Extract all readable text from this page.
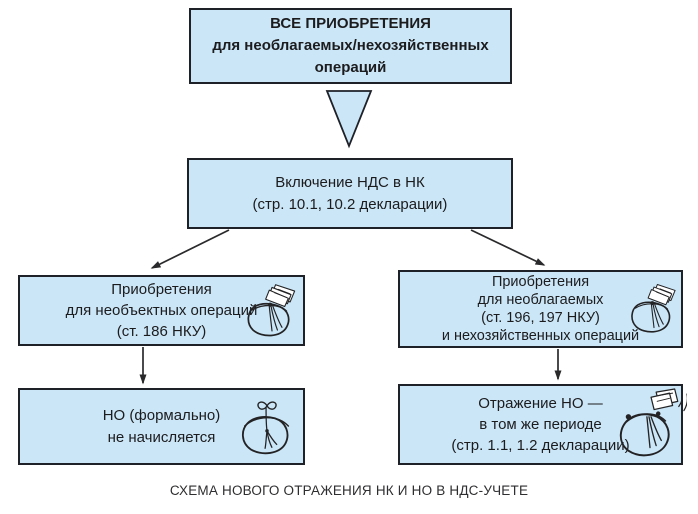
ВСЕ ПРИОБРЕТЕНИЯ
для необлагаемых/нехозяйственных
операций
Включение НДС в НК
(стр. 10.1, 10.2 декларации)
Приобретения
для необъектных операций
(ст. 186 НКУ)
Приобретения
для необлагаемых
(ст. 196, 197 НКУ)
и нехозяйственных операций
НО (формально)
не начисляется
Отражение НО —
в том же периоде
(стр. 1.1, 1.2 декларации)
СХЕМА НОВОГО ОТРАЖЕНИЯ НК И НО В НДС-УЧЕТЕ
